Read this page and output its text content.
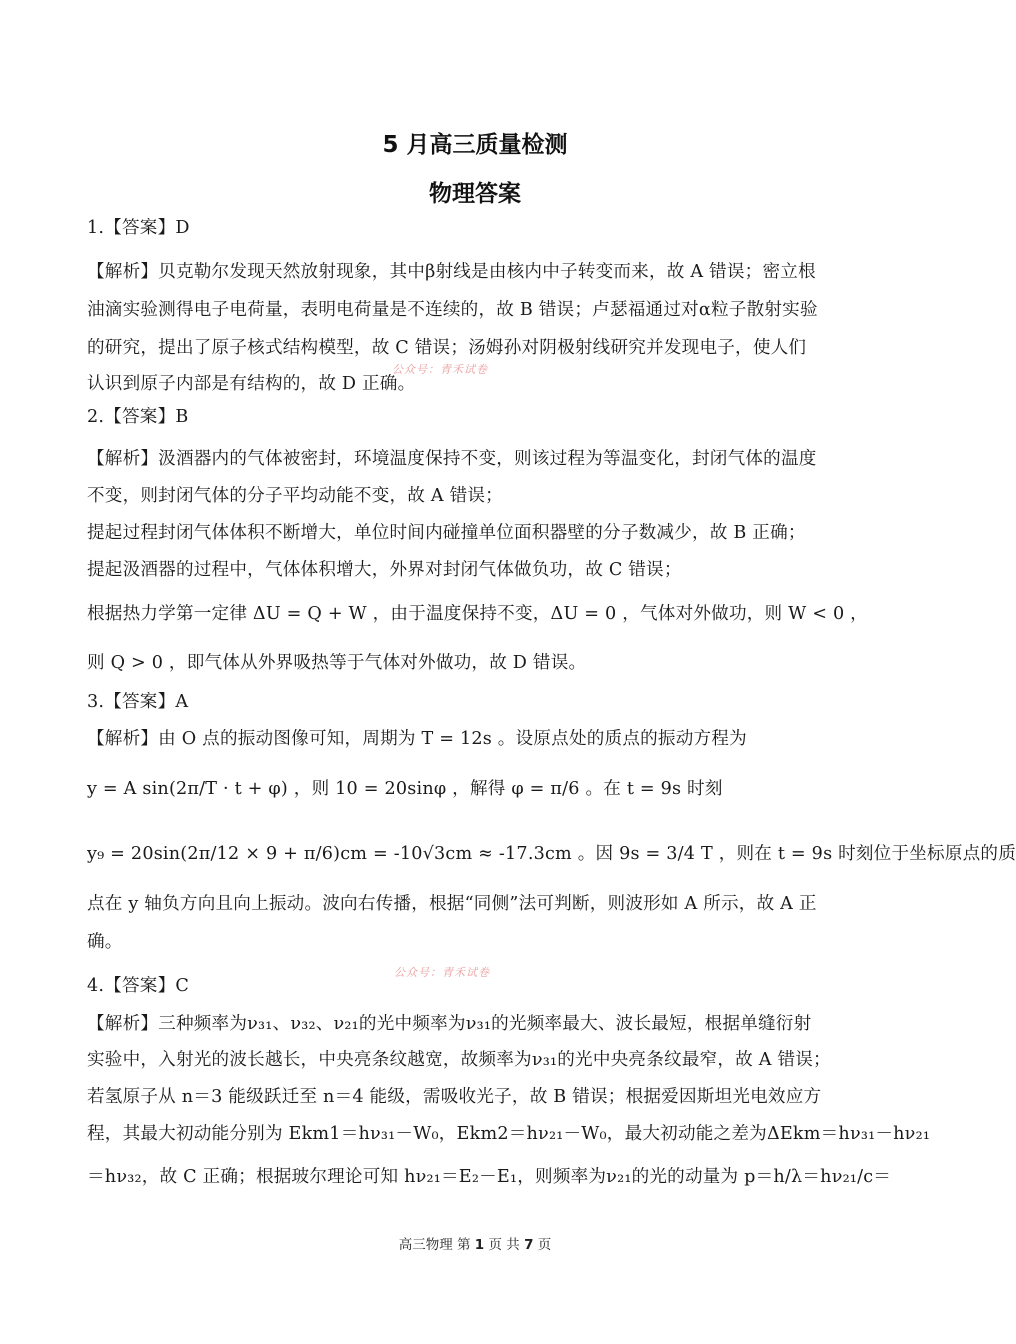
5 月高三质量检测
物理答案
1.【答案】D
【解析】贝克勒尔发现天然放射现象，其中β射线是由核内中子转变而来，故 A 错误；密立根
油滴实验测得电子电荷量，表明电荷量是不连续的，故 B 错误；卢瑟福通过对α粒子散射实验
的研究，提出了原子核式结构模型，故 C 错误；汤姆孙对阴极射线研究并发现电子，使人们
认识到原子内部是有结构的，故 D 正确。
公众号：青禾试卷
2.【答案】B
【解析】汲酒器内的气体被密封，环境温度保持不变，则该过程为等温变化，封闭气体的温度
不变，则封闭气体的分子平均动能不变，故 A 错误；
提起过程封闭气体体积不断增大，单位时间内碰撞单位面积器壁的分子数减少，故 B 正确；
提起汲酒器的过程中，气体体积增大，外界对封闭气体做负功，故 C 错误；
根据热力学第一定律 ΔU = Q + W ，由于温度保持不变，ΔU = 0 ，气体对外做功，则 W < 0 ，
则 Q > 0 ，即气体从外界吸热等于气体对外做功，故 D 错误。
3.【答案】A
【解析】由 O 点的振动图像可知，周期为 T = 12s 。设原点处的质点的振动方程为
y = A sin(2π/T · t + φ) ，则 10 = 20sinφ ，解得 φ = π/6 。在 t = 9s 时刻
y₉ = 20sin(2π/12 × 9 + π/6)cm = -10√3cm ≈ -17.3cm 。因 9s = 3/4 T ，则在 t = 9s 时刻位于坐标原点的质
点在 y 轴负方向且向上振动。波向右传播，根据“同侧”法可判断，则波形如 A 所示，故 A 正
确。
公众号：青禾试卷
4.【答案】C
【解析】三种频率为ν₃₁、ν₃₂、ν₂₁的光中频率为ν₃₁的光频率最大、波长最短，根据单缝衍射
实验中，入射光的波长越长，中央亮条纹越宽，故频率为ν₃₁的光中央亮条纹最窄，故 A 错误；
若氢原子从 n＝3 能级跃迁至 n＝4 能级，需吸收光子，故 B 错误；根据爱因斯坦光电效应方
程，其最大初动能分别为 Ekm1＝hν₃₁－W₀，Ekm2＝hν₂₁－W₀，最大初动能之差为ΔEkm＝hν₃₁－hν₂₁
＝hν₃₂，故 C 正确；根据玻尔理论可知 hν₂₁＝E₂－E₁，则频率为ν₂₁的光的动量为 p＝h/λ＝hν₂₁/c＝
高三物理 第 1 页 共 7 页
